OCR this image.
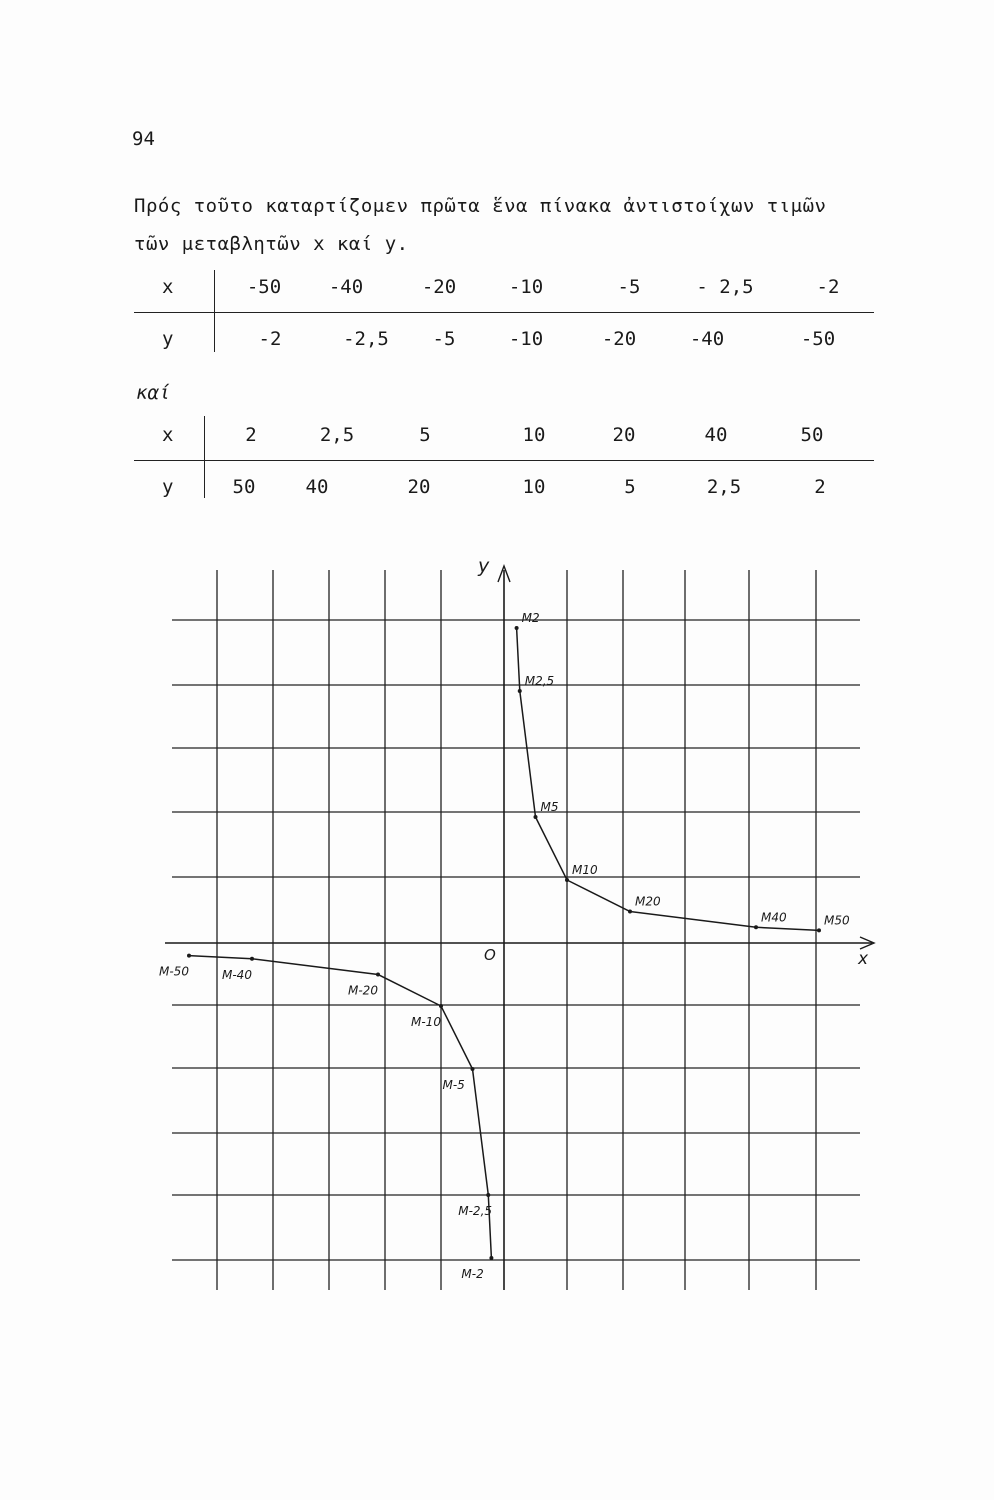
94
Πρός τοῦτο καταρτίζομεν πρῶτα ἕνα πίνακα ἀντιστοίχων τιμῶν
τῶν μεταβλητῶν x καί y.
x	-50	-40	-20	-10	-5	- 2,5	-2
y	-2	-2,5 -5	-10	-20	-40	-50
καί
x	2	2,5	5	10	20	40	50
y	50	40	20	10	5	2,5	2
x
y
O
M2
M2,5
M5
M10
M20
M40	M50
M-50	M-40
M-20
M-10
M-5
M-2,5
M-2
